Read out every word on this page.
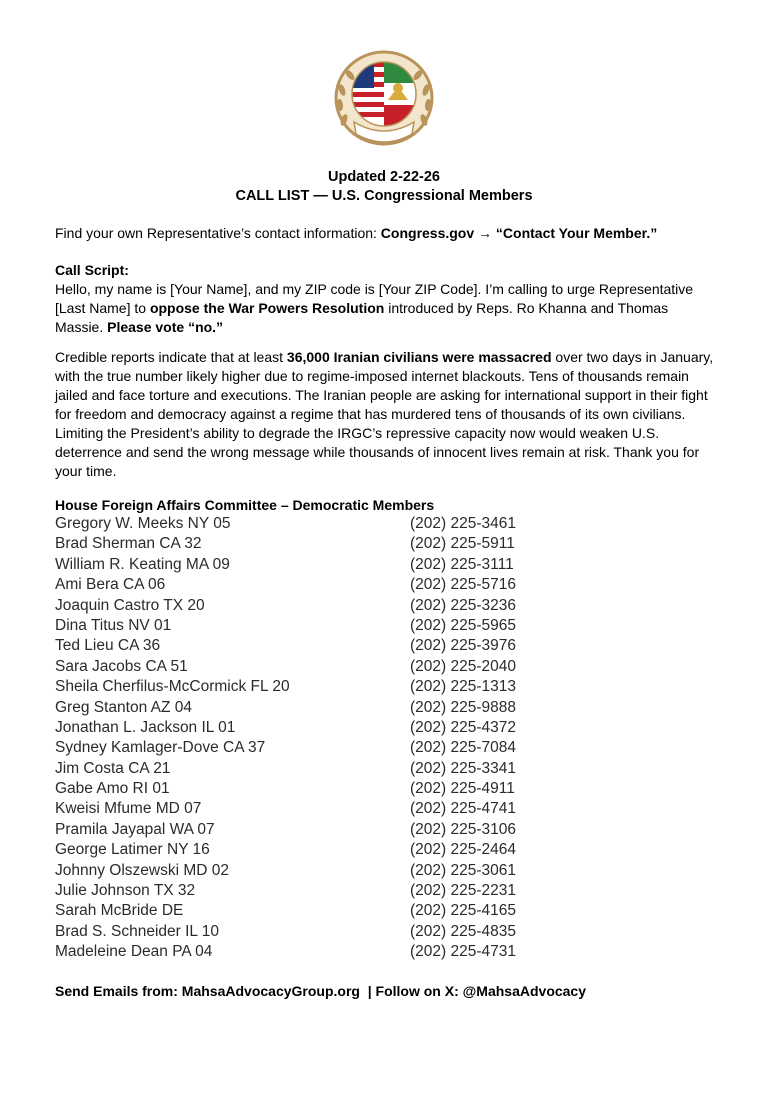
Updated 2-22-26
CALL LIST — U.S. Congressional Members
Find your own Representative’s contact information: Congress.gov → “Contact Your Member.”
Call Script:
Hello, my name is [Your Name], and my ZIP code is [Your ZIP Code]. I’m calling to urge Representative [Last Name] to oppose the War Powers Resolution introduced by Reps. Ro Khanna and Thomas Massie. Please vote “no.”
Credible reports indicate that at least 36,000 Iranian civilians were massacred over two days in January, with the true number likely higher due to regime-imposed internet blackouts. Tens of thousands remain jailed and face torture and executions. The Iranian people are asking for international support in their fight for freedom and democracy against a regime that has murdered tens of thousands of its own civilians. Limiting the President’s ability to degrade the IRGC’s repressive capacity now would weaken U.S. deterrence and send the wrong message while thousands of innocent lives remain at risk. Thank you for your time.
House Foreign Affairs Committee – Democratic Members
Gregory W. Meeks NY 05	(202) 225-3461
Brad Sherman CA 32	(202) 225-5911
William R. Keating MA 09	(202) 225-3111
Ami Bera CA 06	(202) 225-5716
Joaquin Castro TX 20	(202) 225-3236
Dina Titus NV 01	(202) 225-5965
Ted Lieu CA 36	(202) 225-3976
Sara Jacobs CA 51	(202) 225-2040
Sheila Cherfilus-McCormick FL 20	(202) 225-1313
Greg Stanton AZ 04	(202) 225-9888
Jonathan L. Jackson IL 01	(202) 225-4372
Sydney Kamlager-Dove CA 37	(202) 225-7084
Jim Costa CA 21	(202) 225-3341
Gabe Amo RI 01	(202) 225-4911
Kweisi Mfume MD 07	(202) 225-4741
Pramila Jayapal WA 07	(202) 225-3106
George Latimer NY 16	(202) 225-2464
Johnny Olszewski MD 02	(202) 225-3061
Julie Johnson TX 32	(202) 225-2231
Sarah McBride DE	(202) 225-4165
Brad S. Schneider IL 10	(202) 225-4835
Madeleine Dean PA 04	(202) 225-4731
Send Emails from: MahsaAdvocacyGroup.org  | Follow on X: @MahsaAdvocacy
